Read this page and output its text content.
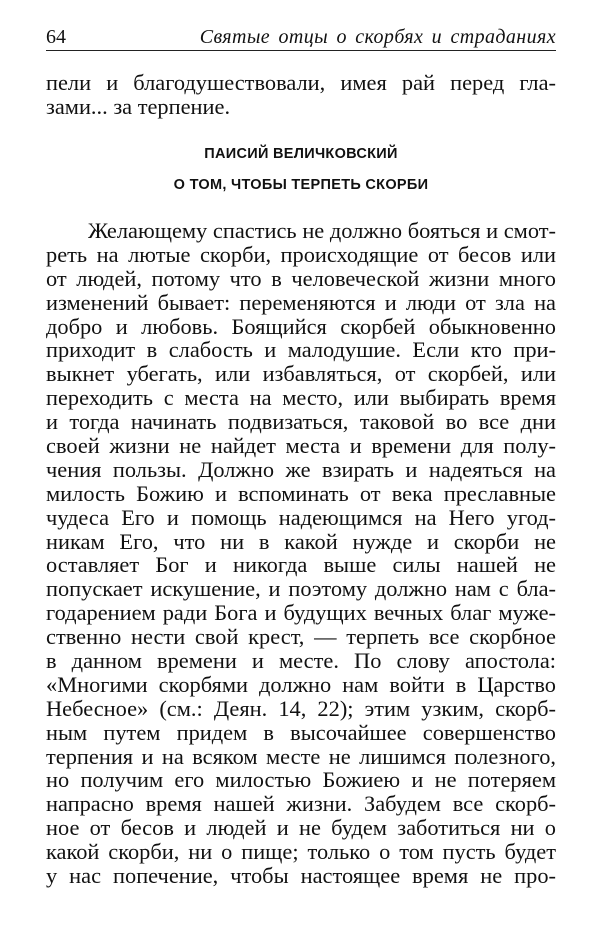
64	Святые отцы о скорбях и страданиях
пели и благодушествовали, имея рай перед гла-
зами... за терпение.
ПАИСИЙ ВЕЛИЧКОВСКИЙ
О ТОМ, ЧТОБЫ ТЕРПЕТЬ СКОРБИ
Желающему спастись не должно бояться и смот-
реть на лютые скорби, происходящие от бесов или
от людей, потому что в человеческой жизни много
изменений бывает: переменяются и люди от зла на
добро и любовь. Боящийся скорбей обыкновенно
приходит в слабость и малодушие. Если кто при-
выкнет убегать, или избавляться, от скорбей, или
переходить с места на место, или выбирать время
и тогда начинать подвизаться, таковой во все дни
своей жизни не найдет места и времени для полу-
чения пользы. Должно же взирать и надеяться на
милость Божию и вспоминать от века преславные
чудеса Его и помощь надеющимся на Него угод-
никам Его, что ни в какой нужде и скорби не
оставляет Бог и никогда выше силы нашей не
попускает искушение, и поэтому должно нам с бла-
годарением ради Бога и будущих вечных благ муже-
ственно нести свой крест, — терпеть все скорбное
в данном времени и месте. По слову апостола:
«Многими скорбями должно нам войти в Царство
Небесное» (см.: Деян. 14, 22); этим узким, скорб-
ным путем придем в высочайшее совершенство
терпения и на всяком месте не лишимся полезного,
но получим его милостью Божиею и не потеряем
напрасно время нашей жизни. Забудем все скорб-
ное от бесов и людей и не будем заботиться ни о
какой скорби, ни о пище; только о том пусть будет
у нас попечение, чтобы настоящее время не про-
